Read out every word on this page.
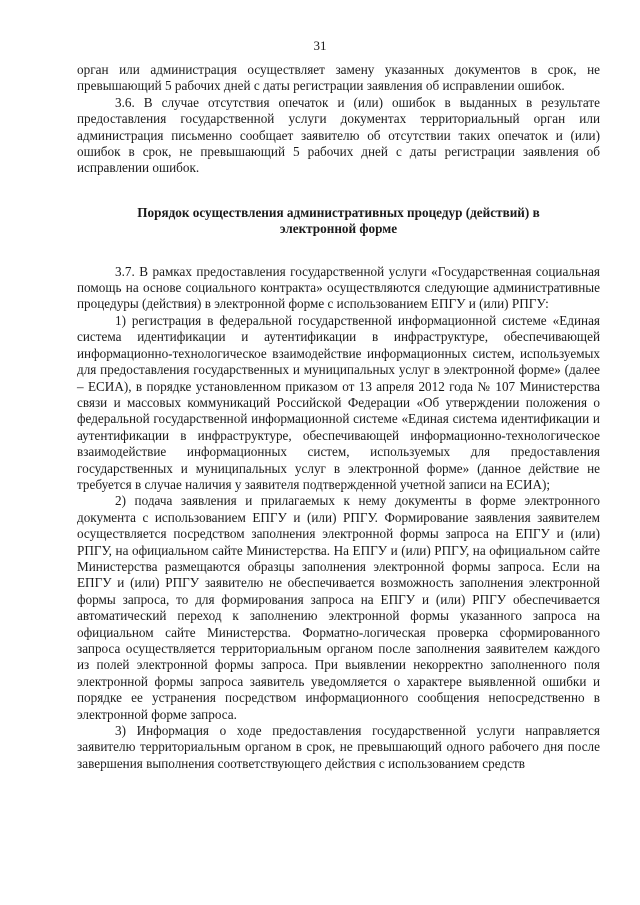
31

орган или администрация осуществляет замену указанных документов в срок, не превышающий 5 рабочих дней с даты регистрации заявления об исправлении ошибок.

3.6. В случае отсутствия опечаток и (или) ошибок в выданных в результате предоставления государственной услуги документах территориальный орган или администрация письменно сообщает заявителю об отсутствии таких опечаток и (или) ошибок в срок, не превышающий 5 рабочих дней с даты регистрации заявления об исправлении ошибок.

Порядок осуществления административных процедур (действий) в
электронной форме

3.7. В рамках предоставления государственной услуги «Государственная социальная помощь на основе социального контракта» осуществляются следующие административные процедуры (действия) в электронной форме с использованием ЕПГУ и (или) РПГУ:

1) регистрация в федеральной государственной информационной системе «Единая система идентификации и аутентификации в инфраструктуре, обеспечивающей информационно-технологическое взаимодействие информационных систем, используемых для предоставления государственных и муниципальных услуг в электронной форме» (далее – ЕСИА), в порядке установленном приказом от 13 апреля 2012 года № 107 Министерства связи и массовых коммуникаций Российской Федерации «Об утверждении положения о федеральной государственной информационной системе «Единая система идентификации и аутентификации в инфраструктуре, обеспечивающей информационно-технологическое взаимодействие информационных систем, используемых для предоставления государственных и муниципальных услуг в электронной форме» (данное действие не требуется в случае наличия у заявителя подтвержденной учетной записи на ЕСИА);

2) подача заявления и прилагаемых к нему документы в форме электронного документа с использованием ЕПГУ и (или) РПГУ. Формирование заявления заявителем осуществляется посредством заполнения электронной формы запроса на ЕПГУ и (или) РПГУ, на официальном сайте Министерства. На ЕПГУ и (или) РПГУ, на официальном сайте Министерства размещаются образцы заполнения электронной формы запроса. Если на ЕПГУ и (или) РПГУ заявителю не обеспечивается возможность заполнения электронной формы запроса, то для формирования запроса на ЕПГУ и (или) РПГУ обеспечивается автоматический переход к заполнению электронной формы указанного запроса на официальном сайте Министерства. Форматно-логическая проверка сформированного запроса осуществляется территориальным органом после заполнения заявителем каждого из полей электронной формы запроса. При выявлении некорректно заполненного поля электронной формы запроса заявитель уведомляется о характере выявленной ошибки и порядке ее устранения посредством информационного сообщения непосредственно в электронной форме запроса.

3) Информация о ходе предоставления государственной услуги направляется заявителю территориальным органом в срок, не превышающий одного рабочего дня после завершения выполнения соответствующего действия с использованием средств
